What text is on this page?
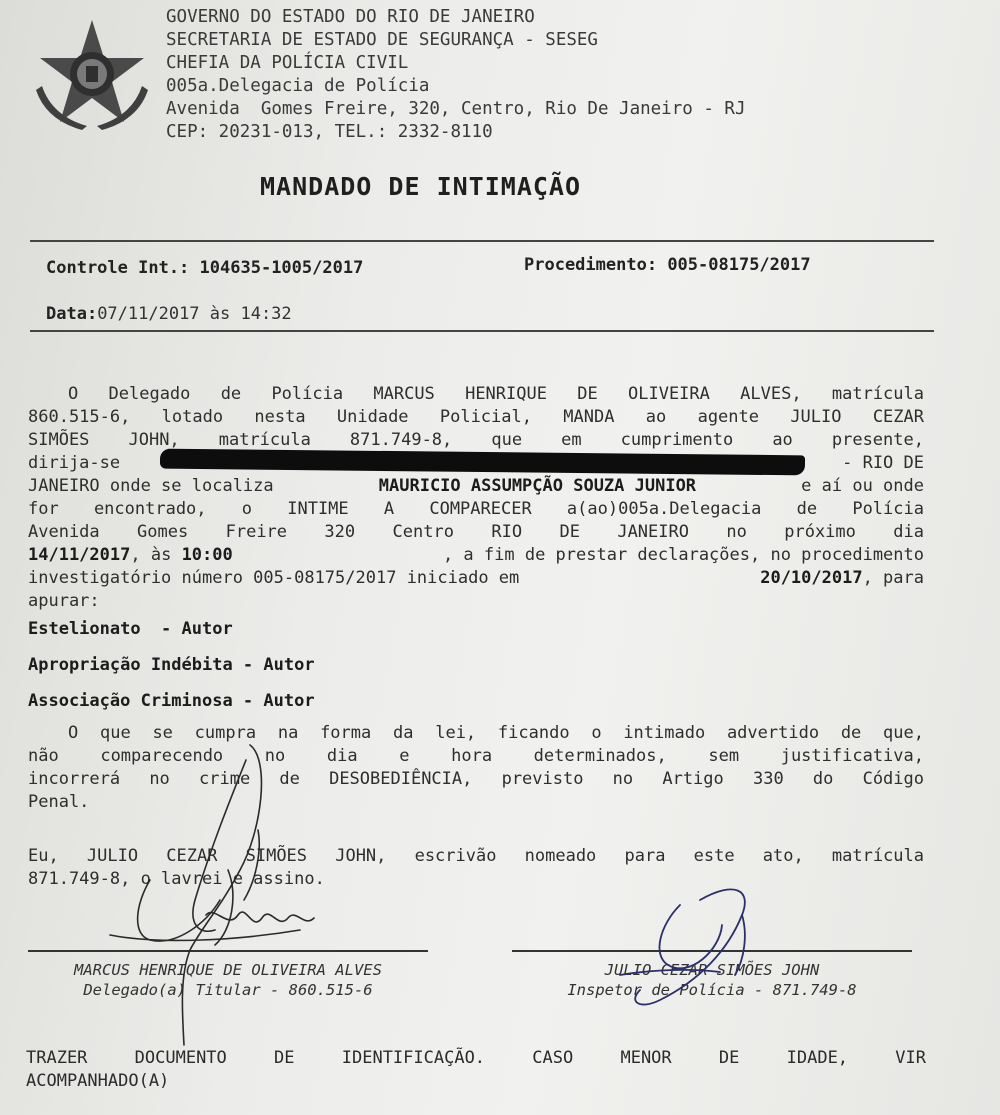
GOVERNO DO ESTADO DO RIO DE JANEIRO
SECRETARIA DE ESTADO DE SEGURANÇA - SESEG
CHEFIA DA POLÍCIA CIVIL
005a.Delegacia de Polícia
Avenida  Gomes Freire, 320, Centro, Rio De Janeiro - RJ
CEP: 20231-013, TEL.: 2332-8110
MANDADO DE INTIMAÇÃO
Controle Int.: 104635-1005/2017	Procedimento: 005-08175/2017
Data:07/11/2017 às 14:32
O Delegado de Polícia MARCUS HENRIQUE DE OLIVEIRA ALVES, matrícula
860.515-6, lotado nesta Unidade Policial, MANDA ao agente JULIO CEZAR
SIMÕES JOHN, matrícula 871.749-8, que em cumprimento ao presente,
dirija-se	- RIO DE
JANEIRO onde se localiza	MAURICIO ASSUMPÇÃO SOUZA JUNIOR	e aí ou onde
for encontrado, o INTIME A COMPARECER a(ao)005a.Delegacia de Polícia
Avenida Gomes Freire 320 Centro RIO DE JANEIRO no próximo dia
14/11/2017, às 10:00	, a fim de prestar declarações, no procedimento
investigatório número 005-08175/2017 iniciado em	20/10/2017, para
apurar:
Estelionato  - Autor
Apropriação Indébita - Autor
Associação Criminosa - Autor
O que se cumpra na forma da lei, ficando o intimado advertido de que,
não comparecendo no dia e hora determinados, sem justificativa,
incorrerá no crime de DESOBEDIÊNCIA, previsto no Artigo 330 do Código
Penal.
Eu, JULIO CEZAR SIMÕES JOHN, escrivão nomeado para este ato, matrícula
871.749-8, o lavrei e assino.
MARCUS HENRIQUE DE OLIVEIRA ALVES
Delegado(a) Titular - 860.515-6
JULIO CEZAR SIMÕES JOHN
Inspetor de Polícia - 871.749-8
TRAZER DOCUMENTO DE IDENTIFICAÇÃO. CASO MENOR DE IDADE, VIR
ACOMPANHADO(A)
